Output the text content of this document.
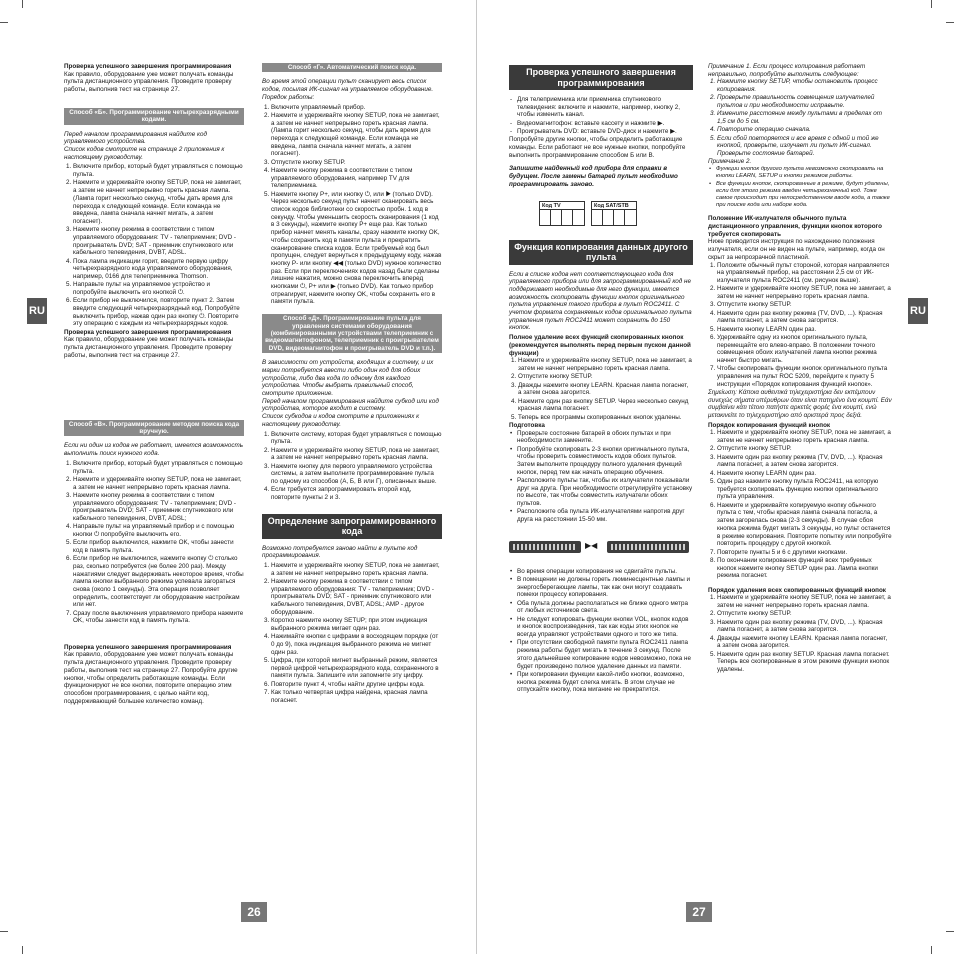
RU	RU
26	27
Проверка успешного завершения программирования
Как правило, оборудование уже может получать команды пульта дистанционного управления. Проведите проверку работы, выполнив тест на странице 27.
Способ «Б». Программирование четырехразрядными кодами.
Перед началом программирования найдите код управляемого устройства.
Список кодов смотрите на странице 2 приложения к настоящему руководству.
1. Включите прибор, который будет управляться с помощью пульта.
2. Нажмите и удерживайте кнопку SETUP, пока не замигает, а затем не начнет непрерывно гореть красная лампа. (Лампа горит несколько секунд, чтобы дать время для перехода к следующей команде. Если команда не введена, лампа сначала начнет мигать, а затем погаснет).
3. Нажмите кнопку режима в соответствии с типом управляемого оборудования: TV - телеприемник; DVD - проигрыватель DVD; SAT - приемник спутникового или кабельного телевидения, DVBT, ADSL.
4. Пока лампа индикации горит, введите первую цифру четырехразрядного кода управляемого оборудования, например, 0166 для телеприемника Thomson.
5. Направьте пульт на управляемое устройство и попробуйте выключить его кнопкой ⏻.
6. Если прибор не выключился, повторите пункт 2. Затем введите следующий четырехразрядный код. Попробуйте выключить прибор, нажав один раз кнопку ⏻. Повторите эту операцию с каждым из четырехразрядных кодов.
Проверка успешного завершения программирования
Как правило, оборудование уже может получать команды пульта дистанционного управления. Проведите проверку работы, выполнив тест на странице 27.
Способ «В». Программирование методом поиска кода вручную.
Если ни один из кодов не работает, имеется возможность выполнить поиск нужного кода.
1. Включите прибор, который будет управляться с помощью пульта.
2. Нажмите и удерживайте кнопку SETUP, пока не замигает, а затем не начнет непрерывно гореть красная лампа.
3. Нажмите кнопку режима в соответствии с типом управляемого оборудования: TV - телеприемник; DVD - проигрыватель DVD; SAT - приемник спутникового или кабельного телевидения, DVBT, ADSL;
4. Направьте пульт на управляемый прибор и с помощью кнопки ⏻ попробуйте выключить его.
5. Если прибор выключился, нажмите OK, чтобы занести код в память пульта.
6. Если прибор не выключился, нажмите кнопку ⏻ столько раз, сколько потребуется (не более 200 раз). Между нажатиями следует выдерживать некоторое время, чтобы лампа кнопки выбранного режима успевала загораться снова (около 1 секунды). Эта операция позволяет определить, соответствует ли оборудование настройкам или нет.
7. Сразу после выключения управляемого прибора нажмите OK, чтобы занести код в память пульта.
Проверка успешного завершения программирования
Как правило, оборудование уже может получать команды пульта дистанционного управления. Проведите проверку работы, выполнив тест на странице 27. Попробуйте другие кнопки, чтобы определить работающие команды. Если функционируют не все кнопки, повторите операцию этим способом программирования, с целью найти код, поддерживающий большее количество команд.
Способ «Г». Автоматический поиск кода.
Во время этой операции пульт сканирует весь список кодов, посылая ИК-сигнал на управляемое оборудование. Порядок работы:
1. Включите управляемый прибор.
2. Нажмите и удерживайте кнопку SETUP, пока не замигает, а затем не начнет непрерывно гореть красная лампа. (Лампа горит несколько секунд, чтобы дать время для перехода к следующей команде. Если команда не введена, лампа сначала начнет мигать, а затем погаснет).
3. Отпустите кнопку SETUP.
4. Нажмите кнопку режима в соответствии с типом управляемого оборудования, например TV для телеприемника.
5. Нажмите кнопку P+, или кнопку ⏻, или ▶ (только DVD). Через несколько секунд пульт начнет сканировать весь список кодов библиотеки со скоростью пробн. 1 код в секунду. Чтобы уменьшить скорость сканирования (1 код в 3 секунды), нажмите кнопку P+ еще раз. Как только прибор начнет менять каналы, сразу нажмите кнопку OK, чтобы сохранить код в памяти пульта и прекратить сканирование списка кодов. Если требуемый код был пропущен, следует вернуться к предыдущему коду, нажав кнопку P- или кнопку ◀◀ (только DVD) нужное количество раз. Если при переключениях кодов назад были сделаны лишние нажатия, можно снова переключить вперед кнопками ⏻, P+ или ▶ (только DVD). Как только прибор отреагирует, нажмите кнопку OK, чтобы сохранить его в памяти пульта.
Способ «Д». Программирование пульта для управления системами оборудования (комбинированными устройствами телеприемник с видеомагнитофоном, телеприемник с проигрывателем DVD, видеомагнитофон и проигрыватель DVD и т.п.).
В зависимости от устройств, входящих в систему, и их марки потребуется ввести либо один код для обоих устройств, либо два кода по одному для каждого устройства. Чтобы выбрать правильный способ, смотрите приложение.
Перед началом программирования найдите субкод или код устройства, которое входит в систему.
Список субкодов и кодов смотрите в приложениях к настоящему руководству.
1. Включите систему, которая будет управляться с помощью пульта.
2. Нажмите и удерживайте кнопку SETUP, пока не замигает, а затем не начнет непрерывно гореть красная лампа.
3. Нажмите кнопку для первого управляемого устройства системы, а затем выполните программирование пульта по одному из способов (А, Б, В или Г), описанных выше.
4. Если требуется запрограммировать второй код, повторите пункты 2 и 3.
Определение запрограммированного кода
Возможно потребуется заново найти в пульте код программирования.
1. Нажмите и удерживайте кнопку SETUP, пока не замигает, а затем не начнет непрерывно гореть красная лампа.
2. Нажмите кнопку режима в соответствии с типом управляемого оборудования: TV - телеприемник; DVD - проигрыватель DVD; SAT - приемник спутникового или кабельного телевидения, DVBT, ADSL; AMP - другое оборудование.
3. Коротко нажмите кнопку SETUP; при этом индикация выбранного режима мигает один раз.
4. Нажимайте кнопки с цифрами в восходящем порядке (от 0 до 9), пока индикация выбранного режима не мигнет один раз.
5. Цифра, при которой мигнет выбранный режим, является первой цифрой четырехразрядного кода, сохраненного в памяти пульта. Запишите или запомните эту цифру.
6. Повторите пункт 4, чтобы найти другие цифры кода.
7. Как только четвертая цифра найдена, красная лампа погаснет.
Проверка успешного завершения программирования
- Для телеприемника или приемника спутникового телевидения: включите и нажмите, например, кнопку 2, чтобы изменить канал.
- Видеомагнитофон: вставьте кассету и нажмите ▶.
- Проигрыватель DVD: вставьте DVD-диск и нажмите ▶.
Попробуйте другие кнопки, чтобы определить работающие команды. Если работают не все нужные кнопки, попробуйте выполнить программирование способом Б или В.
Запишите найденный код прибора для справки в будущем. После замены батарей пульт необходимо программировать заново.
Код TV	Код SAT/STB
Функция копирования данных другого пульта
Если в списке кодов нет соответствующего кода для управляемого прибора или для запрограммированный код не поддерживает необходимые для него функции, имеется возможность скопировать функции кнопок оригинального пульта управления такого прибора в пульт ROC2411. С учетом формата сохраняемых кодов оригинального пульта управления пульт ROC2411 может сохранить до 150 кнопок.
Полное удаление всех функций скопированных кнопок (рекомендуется выполнять перед первым пуском данной функции)
1. Нажмите и удерживайте кнопку SETUP, пока не замигает, а затем не начнет непрерывно гореть красная лампа.
2. Отпустите кнопку SETUP.
3. Дважды нажмите кнопку LEARN. Красная лампа погаснет, а затем снова загорится.
4. Нажмите один раз кнопку SETUP. Через несколько секунд красная лампа погаснет.
5. Теперь все программы скопированных кнопок удалены.
Подготовка
• Проверьте состояние батарей в обоих пультах и при необходимости замените.
• Попробуйте скопировать 2-3 кнопки оригинального пульта, чтобы проверить совместимость кодов обоих пультов. Затем выполните процедуру полного удаления функций кнопок, перед тем как начать операцию обучения.
• Расположите пульты так, чтобы их излучатели показывали друг на друга. При необходимости отрегулируйте установку по высоте, так чтобы совместить излучатели обоих пультов.
• Расположите оба пульта ИК-излучателями напротив друг друга на расстоянии 15-50 мм.
▶◀
• Во время операции копирования не сдвигайте пульты.
• В помещении не должны гореть люминесцентные лампы и энергосберегающие лампы, так как они могут создавать помехи процессу копирования.
• Оба пульта должны располагаться не ближе одного метра от любых источников света.
• Не следует копировать функции кнопки VOL, кнопок кодов и кнопок воспроизведения, так как коды этих кнопок не всегда управляют устройствами одного и того же типа.
• При отсутствии свободной памяти пульта ROC2411 лампа режима работы будет мигать в течение 3 секунд. После этого дальнейшее копирование кодов невозможно, пока не будет произведено полное удаление данных из памяти.
• При копировании функции какой-либо кнопки, возможно, кнопка режима будет слегка мигать. В этом случае не отпускайте кнопку, пока мигание не прекратится.
Примечание 1. Если процесс копирования работает неправильно, попробуйте выполнить следующее:
1. Нажмите кнопку SETUP, чтобы остановить процесс копирования.
2. Проверьте правильность совмещения излучателей пультов и при необходимости исправьте.
3. Измените расстояние между пультами в пределах от 1,5 см до 5 см.
4. Повторите операцию сначала.
5. Если сбой повторяется и все время с одной и той же кнопкой, проверьте, излучает ли пульт ИК-сигнал. Проверьте состояние батарей.
Примечание 2.
• Функции кнопок другого пульта невозможно скопировать на кнопки LEARN, SETUP и кнопки режимов работы.
• Все функции кнопок, скопированные в режиме, будут удалены, если для этого режима введен четырехзначный код. Тоже самое происходит при непосредственном вводе кода, а также при поиске кода или наборе кода.
Положение ИК-излучателя обычного пульта дистанционного управления, функции кнопок которого требуется скопировать
Ниже приводится инструкция по нахождению положения излучателя, если он не виден на пульте, например, когда он скрыт за непрозрачной пластиной.
1. Положите обычный пульт стороной, которая направляется на управляемый прибор, на расстоянии 2,5 см от ИК-излучателя пульта ROC2411 (см. рисунок выше).
2. Нажмите и удерживайте кнопку SETUP, пока не замигает, а затем не начнет непрерывно гореть красная лампа.
3. Отпустите кнопку SETUP.
4. Нажмите один раз кнопку режима (TV, DVD, ...). Красная лампа погаснет, а затем снова загорится.
5. Нажмите кнопку LEARN один раз.
6. Удерживайте одну из кнопок оригинального пульта, перемещайте его влево-вправо. В положении точного совмещения обоих излучателей лампа кнопки режима начнет быстро мигать.
7. Чтобы скопировать функции кнопок оригинального пульта управления на пульт ROC 5209, перейдите к пункту 5 инструкции «Порядок копирования функций кнопок».
Σημείωση: Κάποια αυθεντικά τηλεχειριστήρια δεν εκπέμπουν συνεχώς σήματα υπέρυθρων όταν είναι πατημένο ένα κουμπί. Εάν συμβαίνει κάτι τέτοιο πατήστε αρκετές φορές ένα κουμπί, ενώ μετακινείτε το τηλεχειριστήριο από αριστερά προς δεξιά.
Порядок копирования функций кнопок
1. Нажмите и удерживайте кнопку SETUP, пока не замигает, а затем не начнет непрерывно гореть красная лампа.
2. Отпустите кнопку SETUP.
3. Нажмите один раз кнопку режима (TV, DVD, ...). Красная лампа погаснет, а затем снова загорится.
4. Нажмите кнопку LEARN один раз.
5. Один раз нажмите кнопку пульта ROC2411, на которую требуется скопировать функцию кнопки оригинального пульта управления.
6. Нажмите и удерживайте копируемую кнопку обычного пульта с тем, чтобы красная лампа сначала погасла, а затем загорелась снова (2-3 секунды). В случае сбоя кнопка режима будет мигать 3 секунды, но пульт останется в режиме копирования. Повторите попытку или попробуйте повторить процедуру с другой кнопкой.
7. Повторите пункты 5 и 6 с другими кнопками.
8. По окончании копирования функций всех требуемых кнопок нажмите кнопку SETUP один раз. Лампа кнопки режима погаснет.
Порядок удаления всех скопированных функций кнопок
1. Нажмите и удерживайте кнопку SETUP, пока не замигает, а затем не начнет непрерывно гореть красная лампа.
2. Отпустите кнопку SETUP.
3. Нажмите один раз кнопку режима (TV, DVD, ...). Красная лампа погаснет, а затем снова загорится.
4. Дважды нажмите кнопку LEARN. Красная лампа погаснет, а затем снова загорится.
5. Нажмите один раз кнопку SETUP. Красная лампа погаснет. Теперь все скопированные в этом режиме функции кнопок удалены.
